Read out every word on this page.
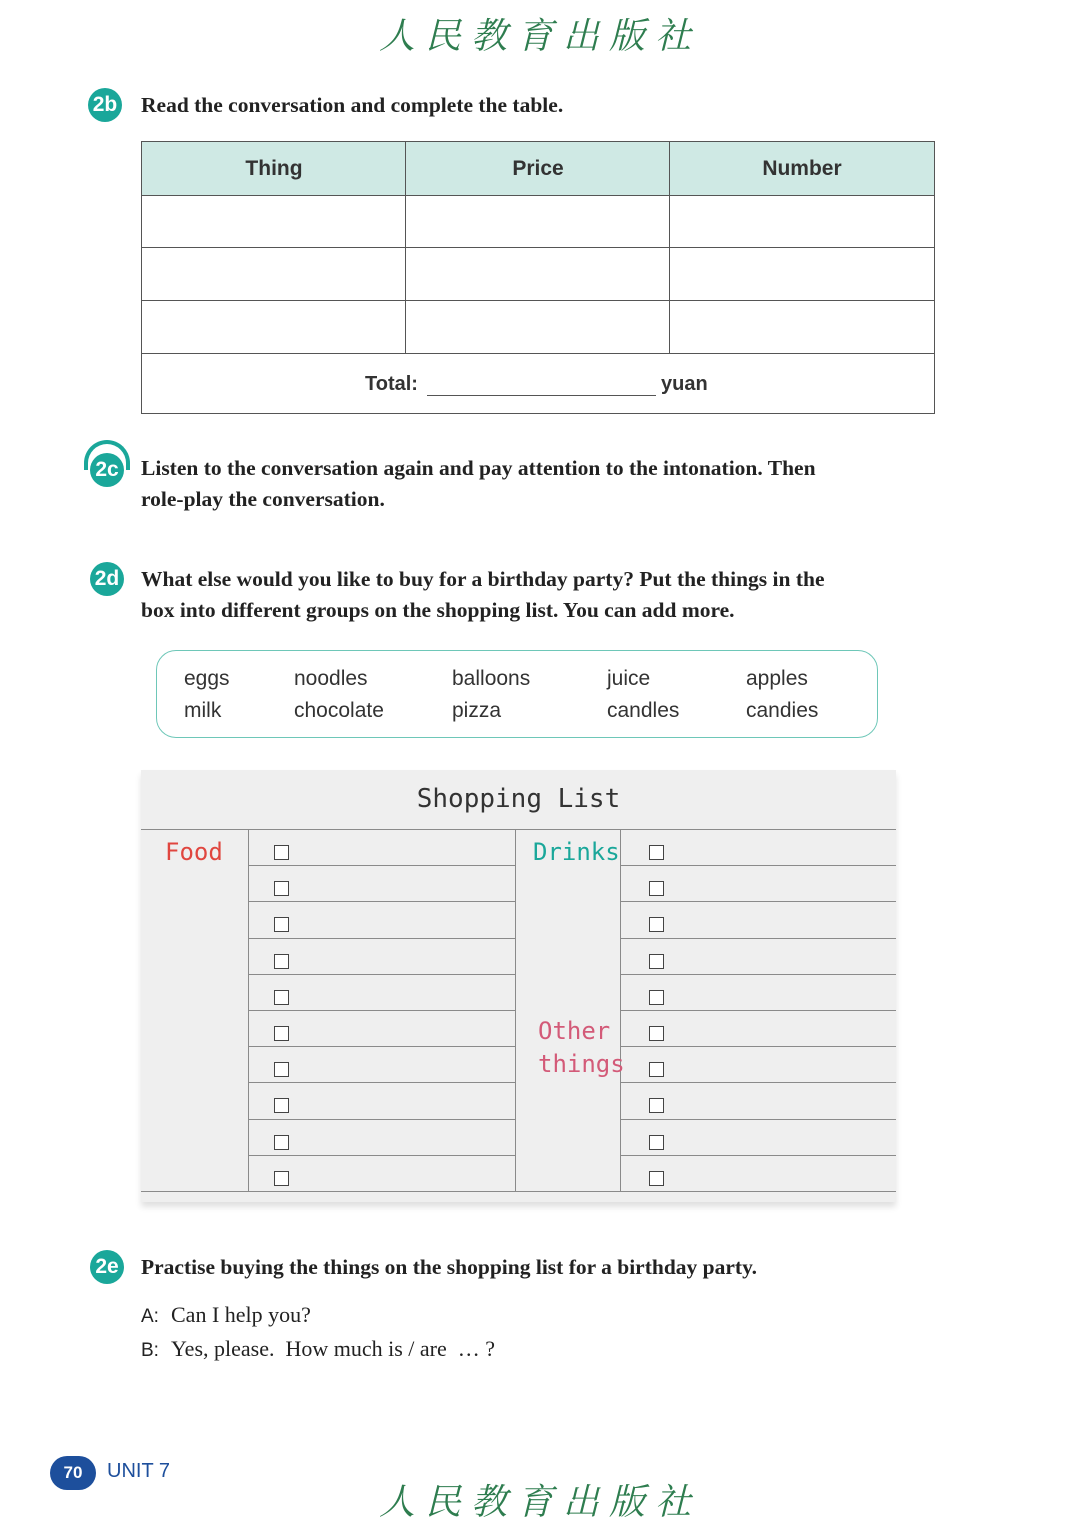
人民教育出版社
2b Read the conversation and complete the table.
Thing	Price	Number
Total:	yuan
2c Listen to the conversation again and pay attention to the intonation. Then
role-play the conversation.
2d What else would you like to buy for a birthday party? Put the things in the
box into different groups on the shopping list. You can add more.
eggs	noodles	balloons	juice	apples
milk	chocolate	pizza	candles	candies
Shopping List
Food	Drinks
Other
things
2e Practise buying the things on the shopping list for a birthday party.
A: Can I help you?
B: Yes, please.  How much is / are  … ?
70	UNIT 7
人民教育出版社
